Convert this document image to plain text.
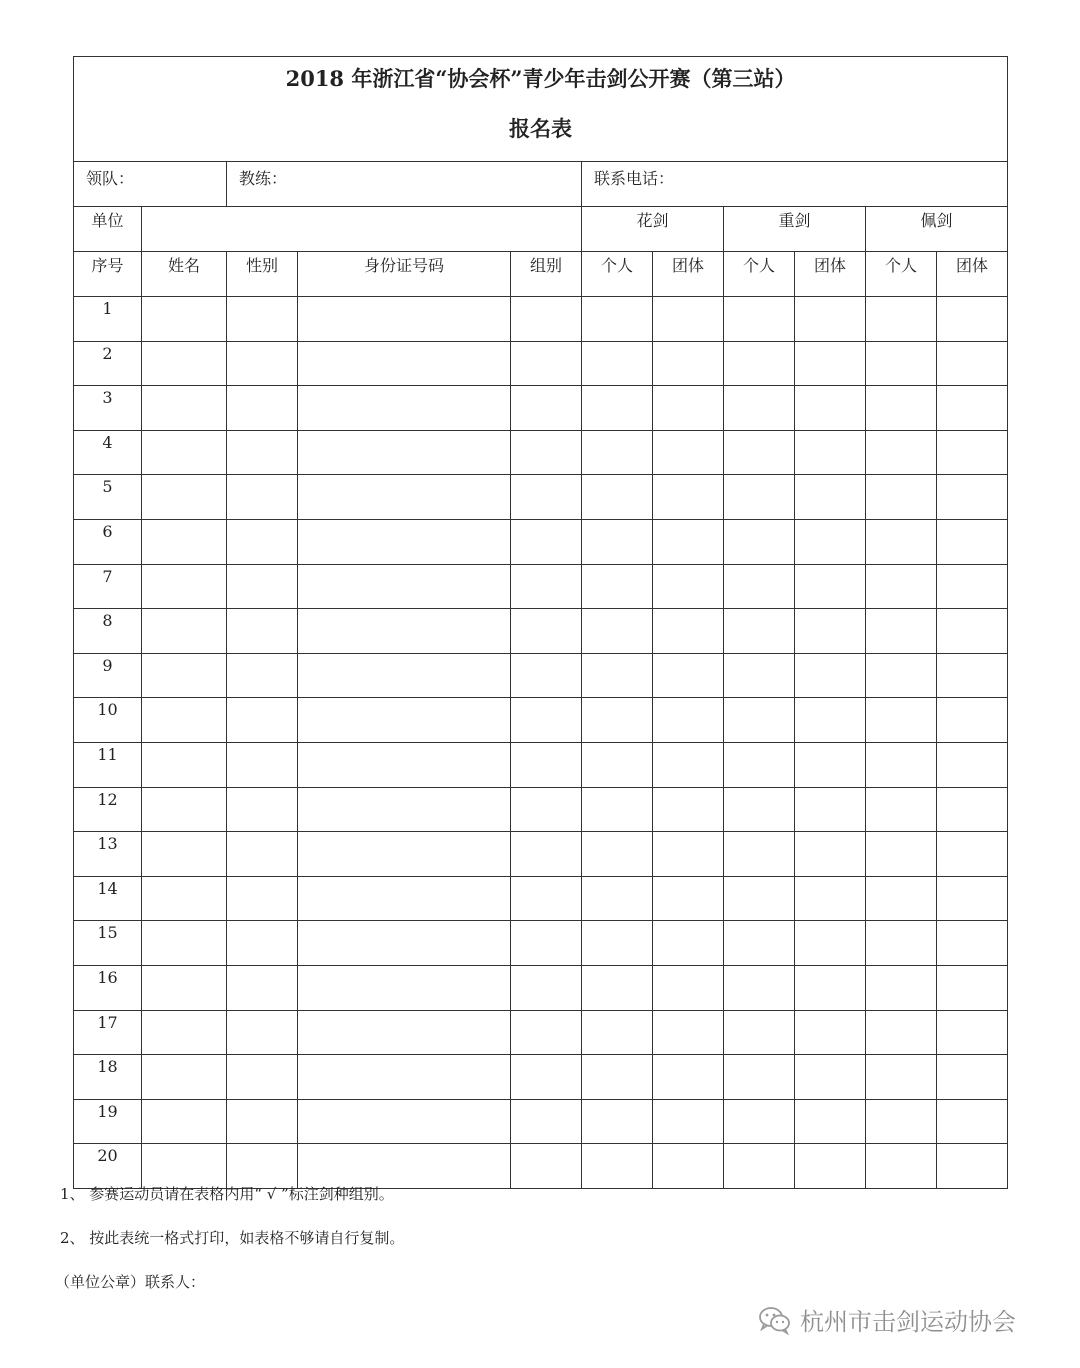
2018 年浙江省“协会杯”青少年击剑公开赛（第三站）
报名表										

领队：		教练：			联系电话：					

单位					花剑		重剑		佩剑	

序号	姓名	性别	身份证号码	组别	个人	团体	个人	团体	个人	团体

1										

2										

3										

4										

5										

6										

7										

8										

9										

10										

11										

12										

13										

14										

15										

16										

17										

18										

19										

20										

1、 参赛运动员请在表格内用“ √ ”标注剑种组别。
2、 按此表统一格式打印，如表格不够请自行复制。
（单位公章）联系人：
杭州市击剑运动协会
